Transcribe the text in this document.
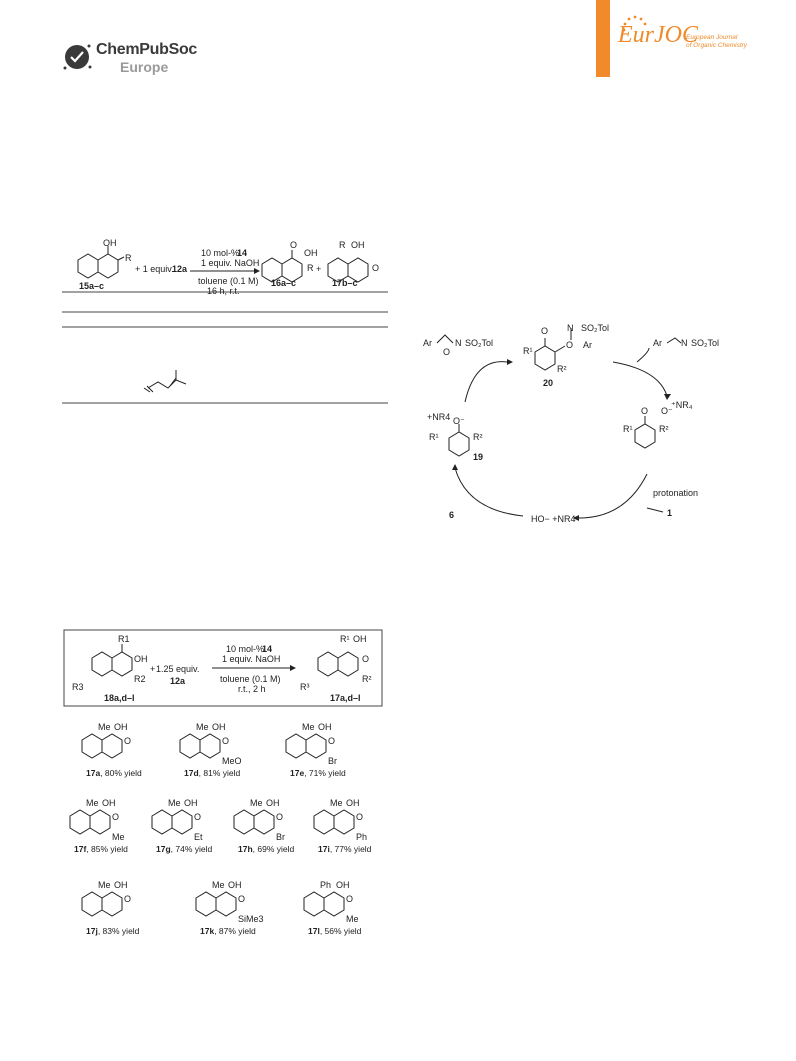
ChemPubSoc
Europe
EurJOC
European Journal
of Organic Chemistry
OH
R
15a–c
+ 1 equiv.
12a
10 mol-%
14
1 equiv. NaOH
toluene (0.1 M)
16 h, r.t.
O
OH
R
16a–c
+
R OH
O
17b–c
Ar	N SO₂Tol
O
O
R¹
O
N SO₂Tol
Ar
R²
20
Ar N SO₂Tol
+NR4 O⁻
R¹	R²
19
O O⁻
⁺NR₄
R¹	R²
protonation
1
HO− +NR4
6
R1
OH
R2
R3
18a,d–l
+ 1.25 equiv.
12a
10 mol-%
14
1 equiv. NaOH
toluene (0.1 M)
r.t., 2 h
R¹ OH
O
R²
R³
17a,d–l
Me OH
O
17a, 80% yield
Me OH
O
MeO
17d, 81% yield
Me OH
O
Br
17e, 71% yield
Me OH
O
Me
17f, 85% yield
Me OH
O
Et
17g, 74% yield
Me OH
O
Br
17h, 69% yield
Me OH
O
Ph
17i, 77% yield
Me OH
O
17j, 83% yield
Me OH
O
SiMe3
17k, 87% yield
Ph OH
O
Me
17l, 56% yield
